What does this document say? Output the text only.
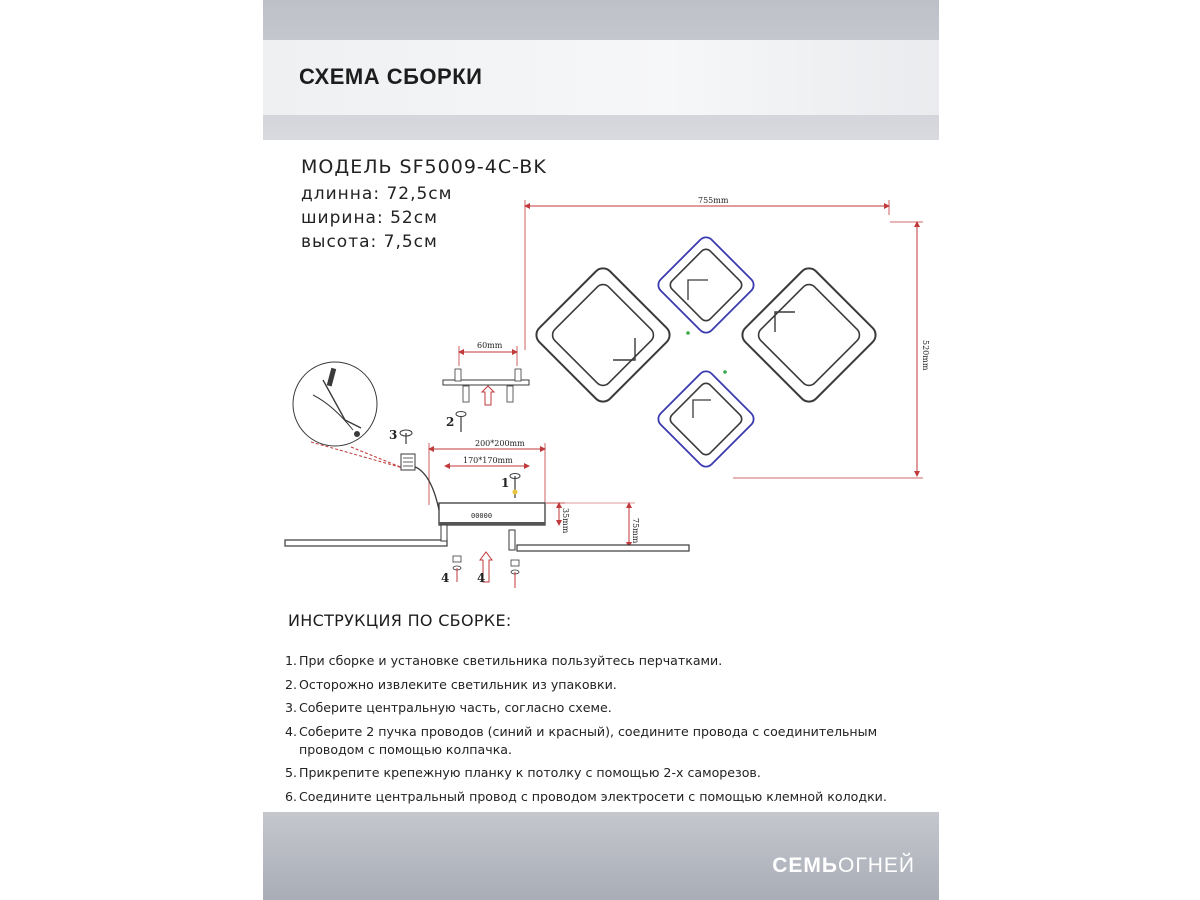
СХЕМА СБОРКИ
МОДЕЛЬ SF5009-4C-BK
длинна: 72,5см
ширина: 52см
высота: 7,5см
755mm
520mm
60mm
2
3
200*200mm
170*170mm
00000	35mm	75mm
1
4 4
ИНСТРУКЦИЯ ПО СБОРКЕ:
1. При сборке и установке светильника пользуйтесь перчатками.
2. Осторожно извлеките светильник из упаковки.
3. Соберите центральную часть, согласно схеме.
4. Соберите 2 пучка проводов (синий и красный), соедините провода с соединительным проводом с помощью колпачка.
5. Прикрепите крепежную планку к потолку с помощью 2-х саморезов.
6. Соедините центральный провод с проводом электросети с помощью клемной колодки.
СЕМЬОГНЕЙ
